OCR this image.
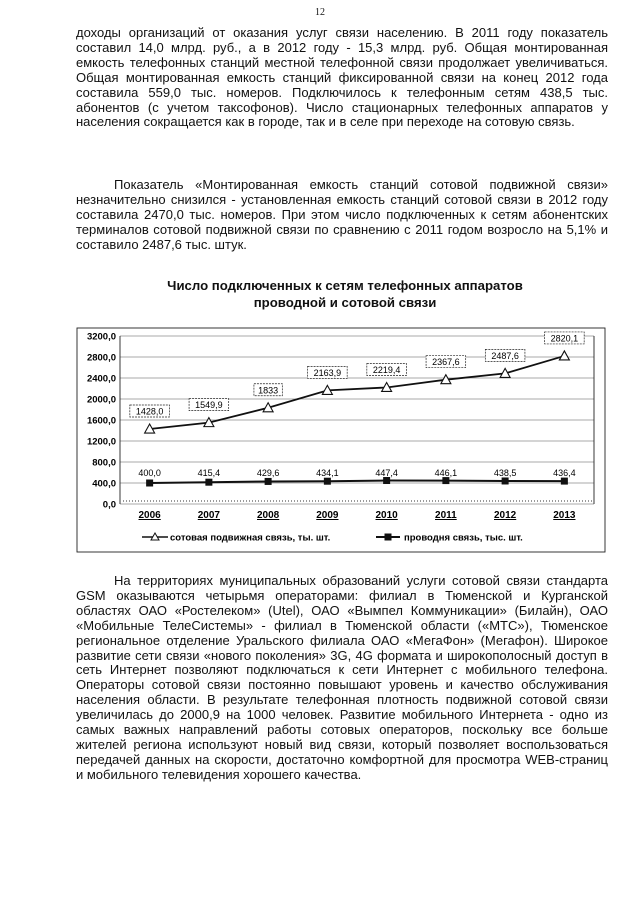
12

доходы организаций от оказания услуг связи населению. В 2011 году показатель составил 14,0 млрд. руб., а в 2012 году - 15,3 млрд. руб. Общая монтированная емкость телефонных станций местной телефонной связи продолжает увеличиваться. Общая монтированная емкость станций фиксированной связи на конец 2012 года составила 559,0 тыс. номеров. Подключилось к телефонным сетям 438,5 тыс. абонентов (с учетом таксофонов). Число стационарных телефонных аппаратов у населения сокращается как в городе, так и в селе при переходе на сотовую связь.

Показатель «Монтированная емкость станций сотовой подвижной связи» незначительно снизился - установленная емкость станций сотовой связи в 2012 году составила 2470,0 тыс. номеров. При этом число подключенных к сетям абонентских терминалов сотовой подвижной связи по сравнению с 2011 годом возросло на 5,1% и составило 2487,6 тыс. штук.

Число подключенных к сетям телефонных аппаратов
проводной и сотовой связи
3200,0
2800,0
2400,0
2000,0
1600,0
1200,0
800,0
400,0
0,0
2006	2007	2008	2009	2010	2011	2012	2013
1428,0
1549,9
1833
2163,9	2219,4
2367,6
2487,6
2820,1
400,0	415,4	429,6	434,1	447,4	446,1	438,5	436,4
сотовая подвижная связь, ты. шт.	проводня связь, тыс. шт.

На территориях муниципальных образований услуги сотовой связи стандарта GSM оказываются четырьмя операторами: филиал в Тюменской и Курганской областях ОАО «Ростелеком» (Utel), ОАО «Вымпел Коммуникации» (Билайн), ОАО «Мобильные ТелеСистемы» - филиал в Тюменской области («МТС»), Тюменское региональное отделение Уральского филиала ОАО «МегаФон» (Мегафон). Широкое развитие сети связи «нового поколения» 3G, 4G формата и широкополосный доступ в сеть Интернет позволяют подключаться к сети Интернет с мобильного телефона. Операторы сотовой связи постоянно повышают уровень и качество обслуживания населения области. В результате телефонная плотность подвижной сотовой связи увеличилась до 2000,9 на 1000 человек. Развитие мобильного Интернета - одно из самых важных направлений работы сотовых операторов, поскольку все больше жителей региона используют новый вид связи, который позволяет воспользоваться передачей данных на скорости, достаточно комфортной для просмотра WEB-страниц и мобильного телевидения хорошего качества.
